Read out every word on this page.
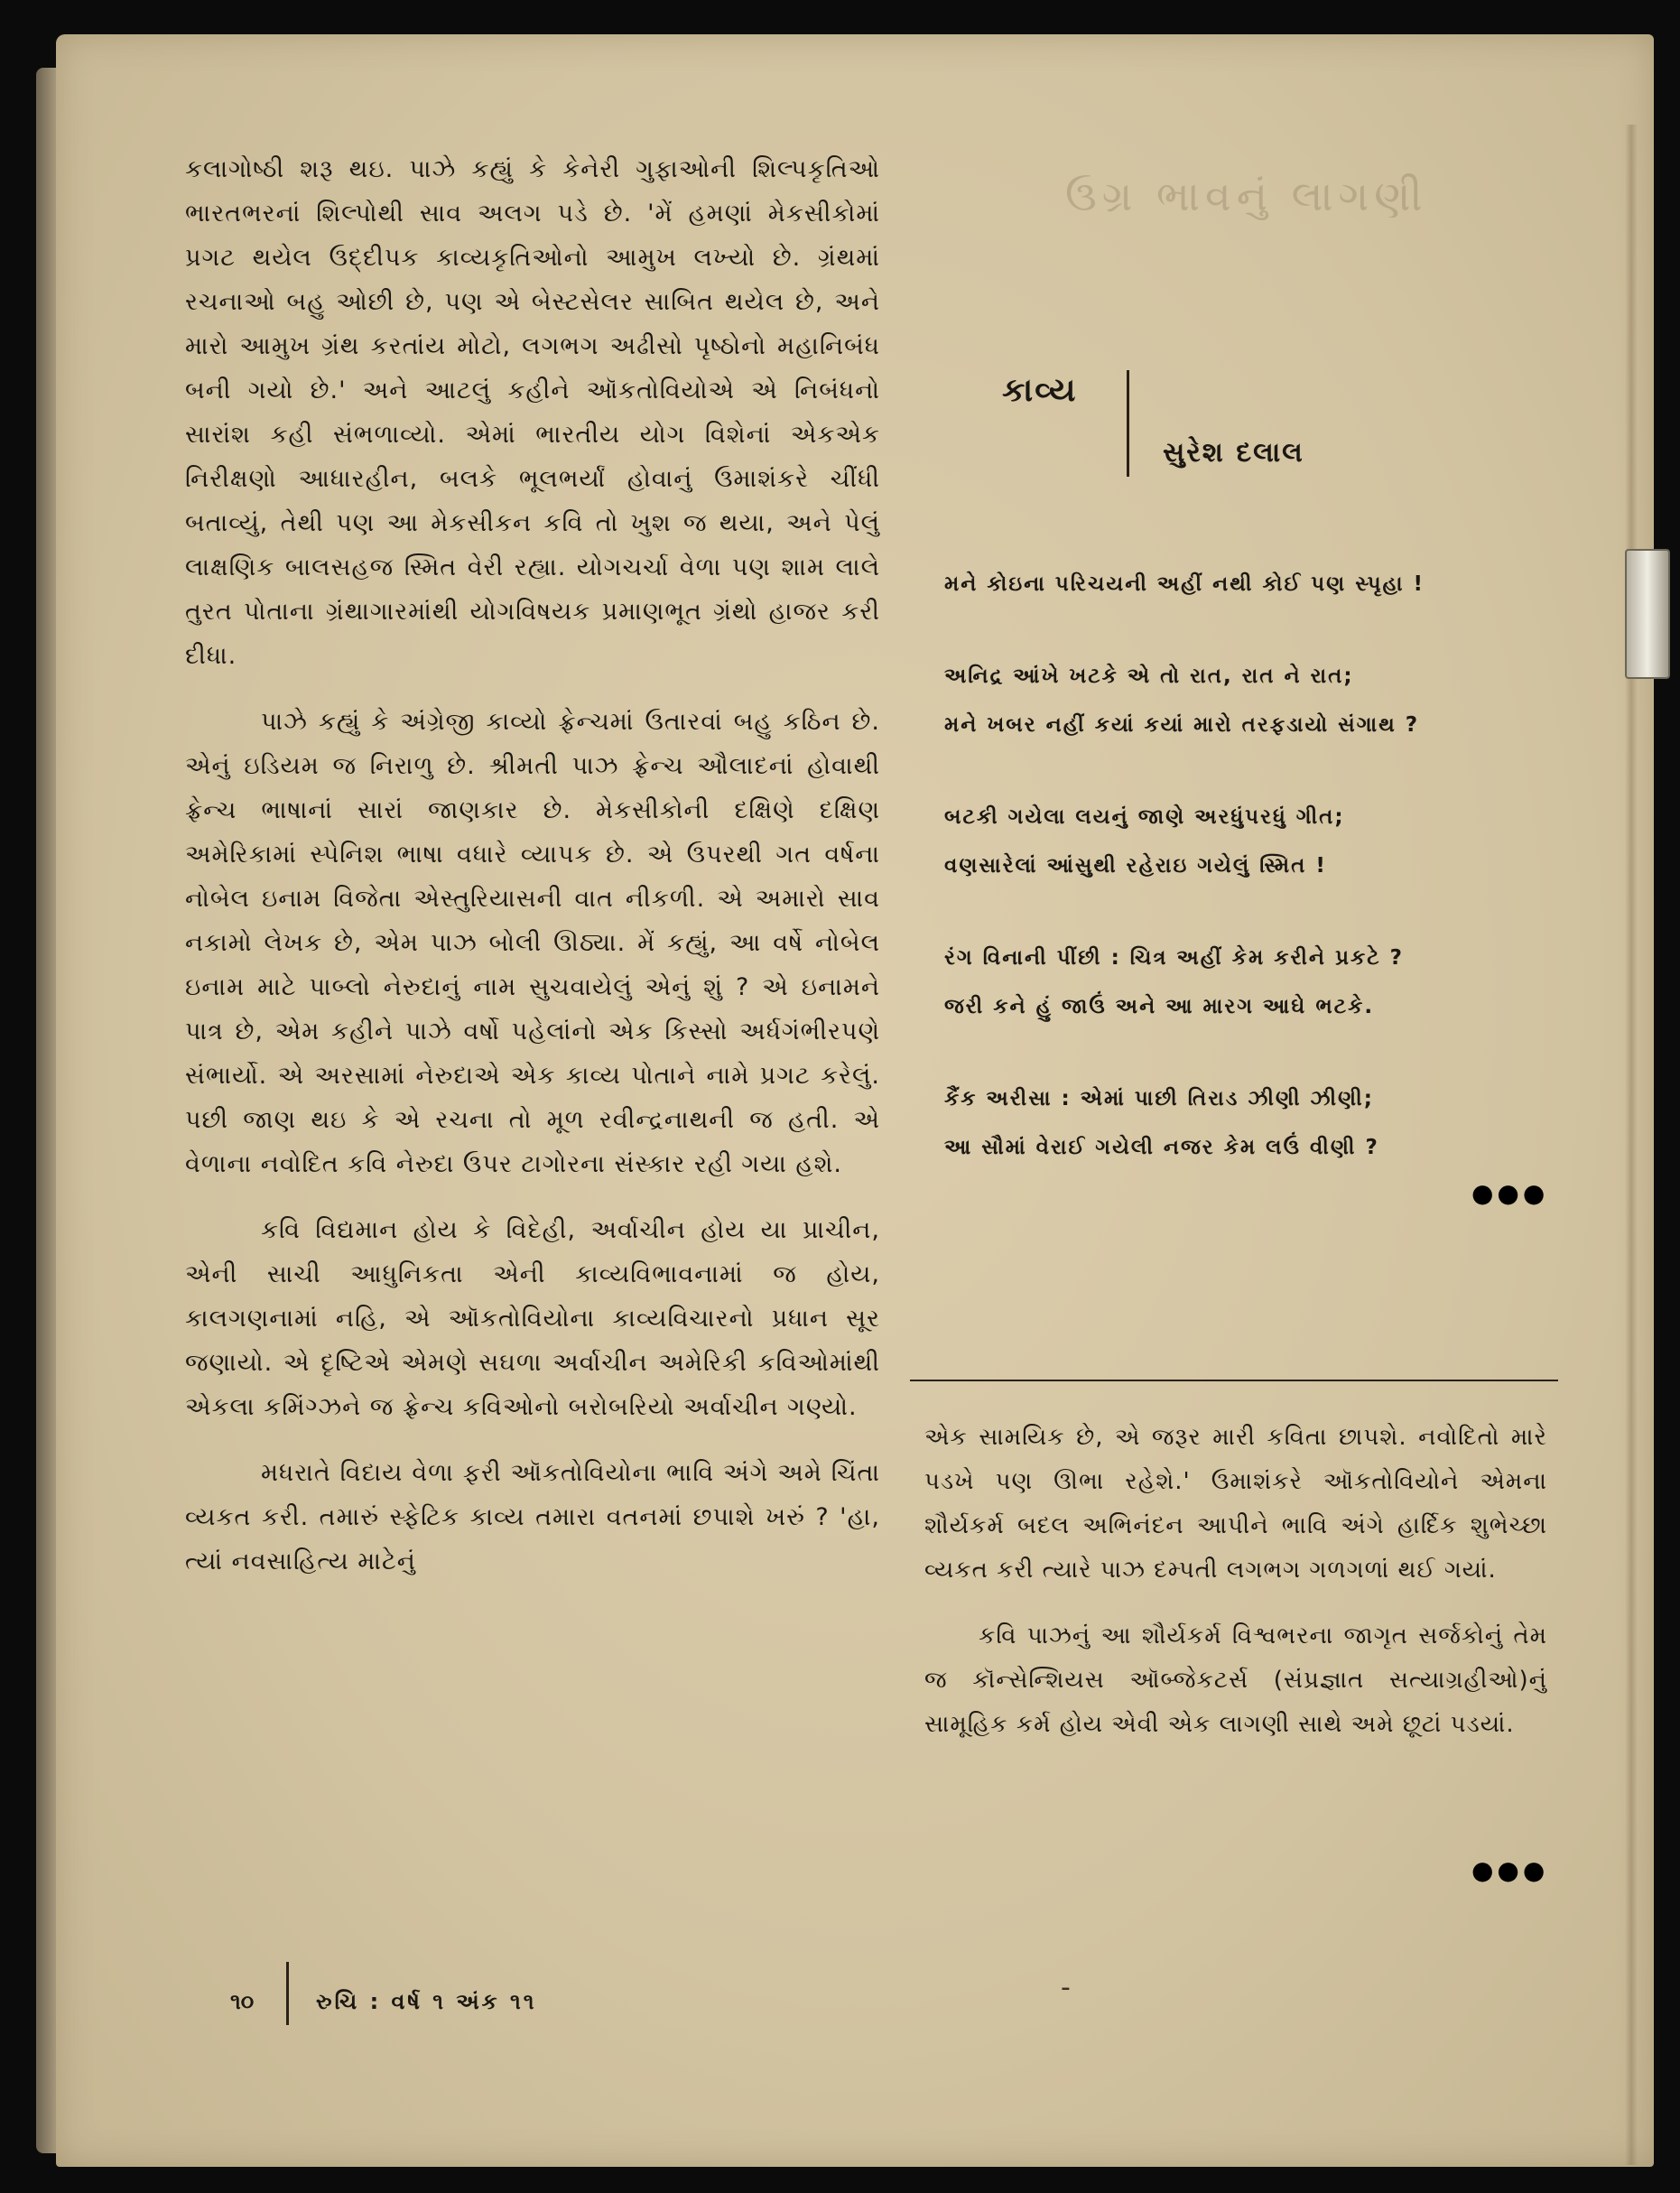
ઉગ્ર ભાવનું લાગણી

કલાગોષ્ઠી શરૂ થઇ. પાઝે કહ્યું કે કેનેરી ગુફાઓની શિલ્પકૃતિઓ ભારતભરનાં શિલ્પોથી સાવ અલગ પડે છે. 'મેં હમણાં મેકસીકોમાં પ્રગટ થયેલ ઉદ્દીપક કાવ્યકૃતિઓનો આમુખ લખ્યો છે. ગ્રંથમાં રચનાઓ બહુ ઓછી છે, પણ એ બેસ્ટસેલર સાબિત થયેલ છે, અને મારો આમુખ ગ્રંથ કરતાંય મોટો, લગભગ અઢીસો પૃષ્ઠોનો મહાનિબંધ બની ગયો છે.' અને આટલું કહીને ઑકતોવિયોએ એ નિબંધનો સારાંશ કહી સંભળાવ્યો. એમાં ભારતીય યોગ વિશેનાં એકએક નિરીક્ષણો આધારહીન, બલકે ભૂલભર્યાં હોવાનું ઉમાશંકરે ચીંધી બતાવ્યું, તેથી પણ આ મેકસીકન કવિ તો ખુશ જ થયા, અને પેલું લાક્ષણિક બાલસહજ સ્મિત વેરી રહ્યા. યોગચર્ચા વેળા પણ શામ લાલે તુરત પોતાના ગ્રંથાગારમાંથી યોગવિષયક પ્રમાણભૂત ગ્રંથો હાજર કરી દીધા.

પાઝે કહ્યું કે અંગ્રેજી કાવ્યો ફ્રેન્ચમાં ઉતારવાં બહુ કઠિન છે. એનું ઇડિયમ જ નિરાળુ છે. શ્રીમતી પાઝ ફ્રેન્ચ ઔલાદનાં હોવાથી ફ્રેન્ચ ભાષાનાં સારાં જાણકાર છે. મેકસીકોની દક્ષિણે દક્ષિણ અમેરિકામાં સ્પેનિશ ભાષા વધારે વ્યાપક છે. એ ઉપરથી ગત વર્ષના નોબેલ ઇનામ વિજેતા એસ્તુરિયાસની વાત નીકળી. એ અમારો સાવ નકામો લેખક છે, એમ પાઝ બોલી ઊઠ્યા. મેં કહ્યું, આ વર્ષે નોબેલ ઇનામ માટે પાબ્લો નેરુદાનું નામ સુચવાયેલું એનું શું ? એ ઇનામને પાત્ર છે, એમ કહીને પાઝે વર્ષો પહેલાંનો એક કિસ્સો અર્ધગંભીરપણે સંભાર્યો. એ અરસામાં નેરુદાએ એક કાવ્ય પોતાને નામે પ્રગટ કરેલું. પછી જાણ થઇ કે એ રચના તો મૂળ રવીન્દ્રનાથની જ હતી. એ વેળાના નવોદિત કવિ નેરુદા ઉપર ટાગોરના સંસ્કાર રહી ગયા હશે.

કવિ વિદ્યમાન હોય કે વિદેહી, અર્વાચીન હોય યા પ્રાચીન, એની સાચી આધુનિકતા એની કાવ્યવિભાવનામાં જ હોય, કાલગણનામાં નહિ, એ ઑકતોવિયોના કાવ્યવિચારનો પ્રધાન સૂર જણાયો. એ દૃષ્ટિએ એમણે સઘળા અર્વાચીન અમેરિકી કવિઓમાંથી એકલા કમિંગ્ઝને જ ફ્રેન્ચ કવિઓનો બરોબરિયો અર્વાચીન ગણ્યો.

મધરાતે વિદાય વેળા ફરી ઑકતોવિયોના ભાવિ અંગે અમે ચિંતા વ્યકત કરી. તમારું સ્ફેટિક કાવ્ય તમારા વતનમાં છપાશે ખરું ? 'હા, ત્યાં નવસાહિત્ય માટેનું

કાવ્ય
સુરેશ દલાલ
મને કોઇના પરિચયની અહીં નથી કોઈ પણ સ્પૃહા !
અનિદ્ર આંખે ખટકે એ તો રાત, રાત ને રાત;
મને ખબર નહીં કયાં કયાં મારો તરફડાયો સંગાથ ?
બટકી ગયેલા લયનું જાણે અરધુંપરધું ગીત;
વણસારેલાં આંસુથી રહેરાઇ ગયેલું સ્મિત !
રંગ વિનાની પીંછી : ચિત્ર અહીં કેમ કરીને પ્રકટે ?
જરી કને હું જાઉં અને આ મારગ આઘે ભટકે.
કૈંક અરીસા : એમાં પાછી તિરાડ ઝીણી ઝીણી;
આ સૌમાં વેરાઈ ગયેલી નજર કેમ લઉં વીણી ?
●●●

એક સામયિક છે, એ જરૂર મારી કવિતા છાપશે. નવોદિતો મારે પડખે પણ ઊભા રહેશે.' ઉમાશંકરે ઑકતોવિયોને એમના શૌર્યકર્મ બદલ અભિનંદન આપીને ભાવિ અંગે હાર્દિક શુભેચ્છા વ્યકત કરી ત્યારે પાઝ દમ્પતી લગભગ ગળગળાં થઈ ગયાં.

કવિ પાઝનું આ શૌર્યકર્મ વિશ્વભરના જાગૃત સર્જકોનું તેમ જ કૉન્સેન્શિયસ ઑબ્જેકટર્સ (સંપ્રજ્ઞાત સત્યાગ્રહીઓ)નું સામૂહિક કર્મ હોય એવી એક લાગણી સાથે અમે છૂટાં પડયાં.

●●●
૧૦	રુચિ : વર્ષ ૧ અંક ૧૧	-
